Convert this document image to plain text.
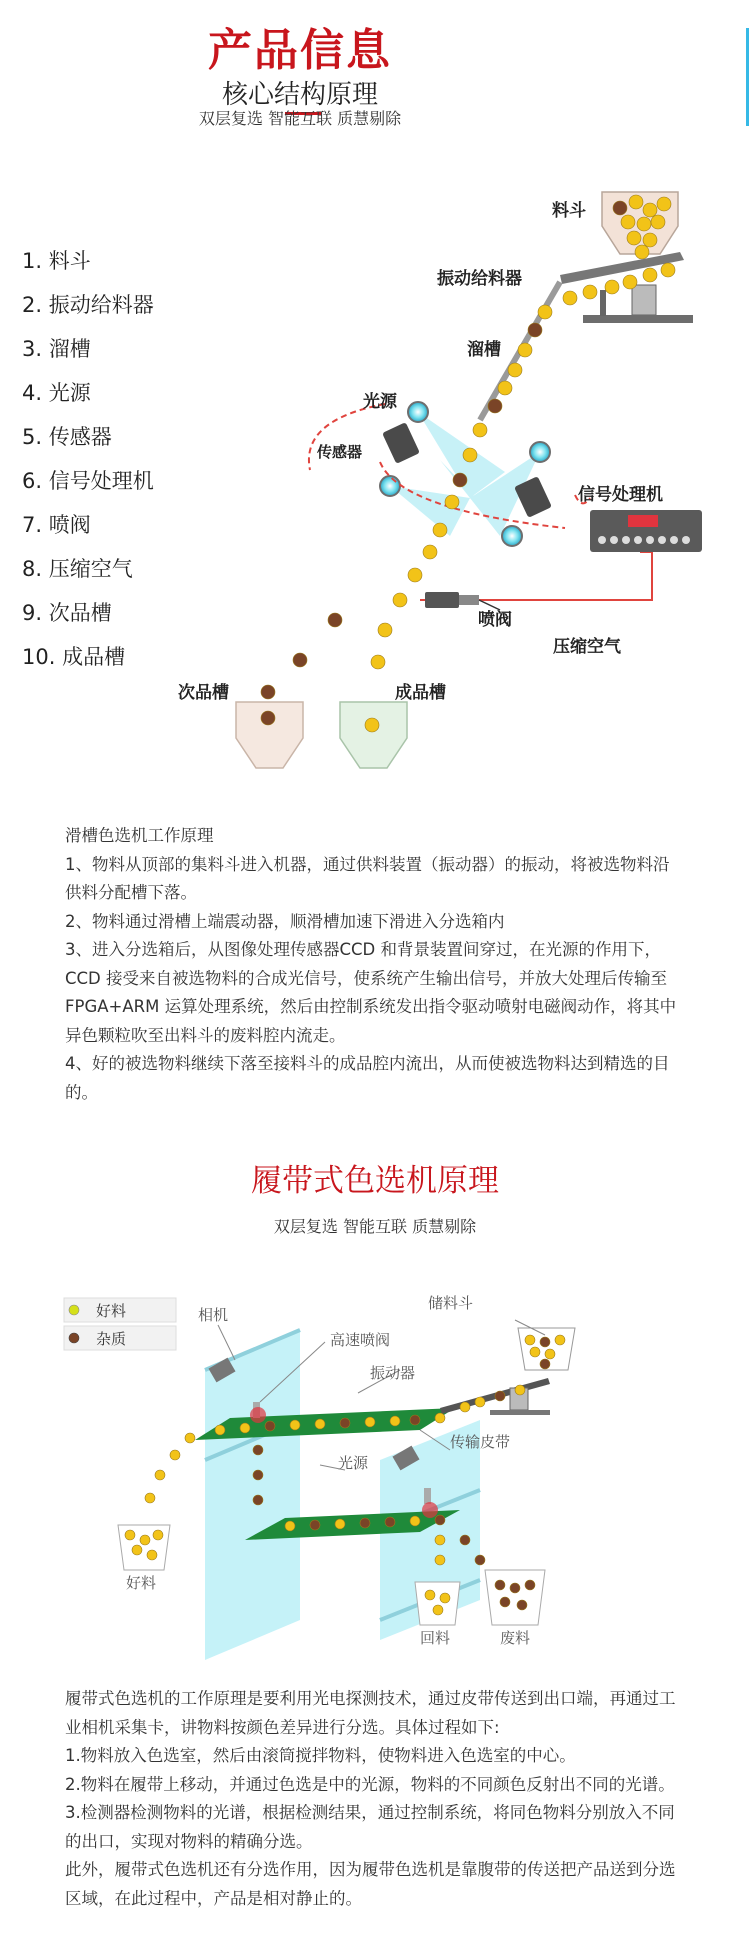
产品信息
核心结构原理
双层复选 智能互联 质慧剔除
1. 料斗
2. 振动给料器
3. 溜槽
4. 光源
5. 传感器
6. 信号处理机
7. 喷阀
8. 压缩空气
9. 次品槽
10. 成品槽
料斗
振动给料器
溜槽
光源
传感器
信号处理机
喷阀
压缩空气
次品槽	成品槽

滑槽色选机工作原理

1、物料从顶部的集料斗进入机器，通过供料装置（振动器）的振动，将被选物料沿供料分配槽下落。

2、物料通过滑槽上端震动器，顺滑槽加速下滑进入分选箱内

3、进入分选箱后，从图像处理传感器CCD 和背景装置间穿过，在光源的作用下，CCD 接受来自被选物料的合成光信号，使系统产生输出信号，并放大处理后传输至 FPGA+ARM 运算处理系统，然后由控制系统发出指令驱动喷射电磁阀动作，将其中异色颗粒吹至出料斗的废料腔内流走。

4、好的被选物料继续下落至接料斗的成品腔内流出，从而使被选物料达到精选的目的。

履带式色选机原理
双层复选 智能互联 质慧剔除
好料
杂质
相机
高速喷阀
振动器
储料斗
传输皮带
光源
好料
回料	废料

履带式色选机的工作原理是要利用光电探测技术，通过皮带传送到出口端，再通过工业相机采集卡，讲物料按颜色差异进行分选。具体过程如下:

1.物料放入色选室，然后由滚筒搅拌物料，使物料进入色选室的中心。

2.物料在履带上移动，并通过色选是中的光源，物料的不同颜色反射出不同的光谱。

3.检测器检测物料的光谱，根据检测结果，通过控制系统，将同色物料分别放入不同的出口，实现对物料的精确分选。

此外，履带式色选机还有分选作用，因为履带色选机是靠腹带的传送把产品送到分选区域，在此过程中，产品是相对静止的。
